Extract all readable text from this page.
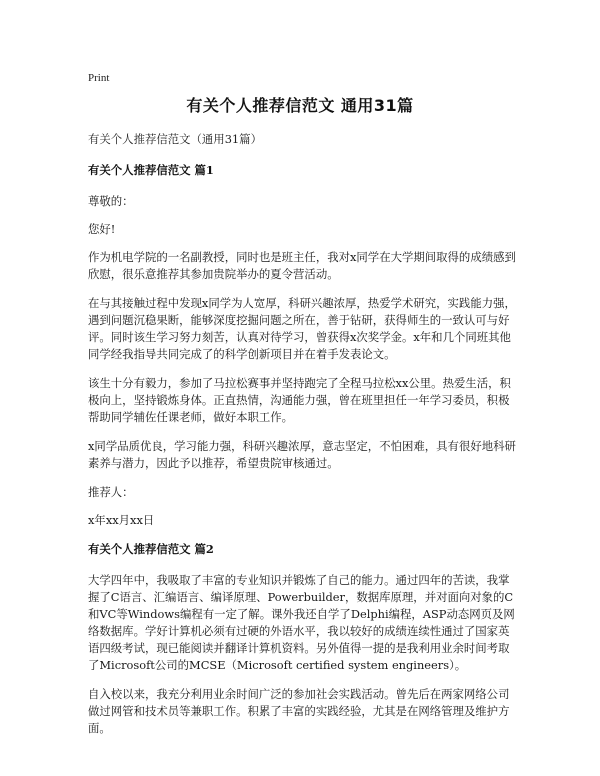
Print
有关个人推荐信范文 通用31篇

有关个人推荐信范文（通用31篇）

有关个人推荐信范文 篇1

尊敬的：

您好!

作为机电学院的一名副教授，同时也是班主任，我对x同学在大学期间取得的成绩感到欣慰，很乐意推荐其参加贵院举办的夏令营活动。

在与其接触过程中发现x同学为人宽厚，科研兴趣浓厚，热爱学术研究，实践能力强，遇到问题沉稳果断，能够深度挖掘问题之所在，善于钻研，获得师生的一致认可与好评。同时该生学习努力刻苦，认真对待学习，曾获得x次奖学金。x年和几个同班其他同学经我指导共同完成了的科学创新项目并在着手发表论文。

该生十分有毅力，参加了马拉松赛事并坚持跑完了全程马拉松xx公里。热爱生活，积极向上，坚持锻炼身体。正直热情，沟通能力强，曾在班里担任一年学习委员，积极帮助同学辅佐任课老师，做好本职工作。

x同学品质优良，学习能力强，科研兴趣浓厚，意志坚定，不怕困难，具有很好地科研素养与潜力，因此予以推荐，希望贵院审核通过。

推荐人：

x年xx月xx日

有关个人推荐信范文 篇2

大学四年中，我吸取了丰富的专业知识并锻炼了自己的能力。通过四年的苦读，我掌握了C语言、汇编语言、编译原理、Powerbuilder，数据库原理，并对面向对象的C和VC等Windows编程有一定了解。课外我还自学了Delphi编程，ASP动态网页及网络数据库。学好计算机必须有过硬的外语水平，我以较好的成绩连续性通过了国家英语四级考试，现已能阅读并翻译计算机资料。另外值得一提的是我利用业余时间考取了Microsoft公司的MCSE（Microsoft certified system engineers）。

自入校以来，我充分利用业余时间广泛的参加社会实践活动。曾先后在两家网络公司做过网管和技术员等兼职工作。积累了丰富的实践经验，尤其是在网络管理及维护方面。
